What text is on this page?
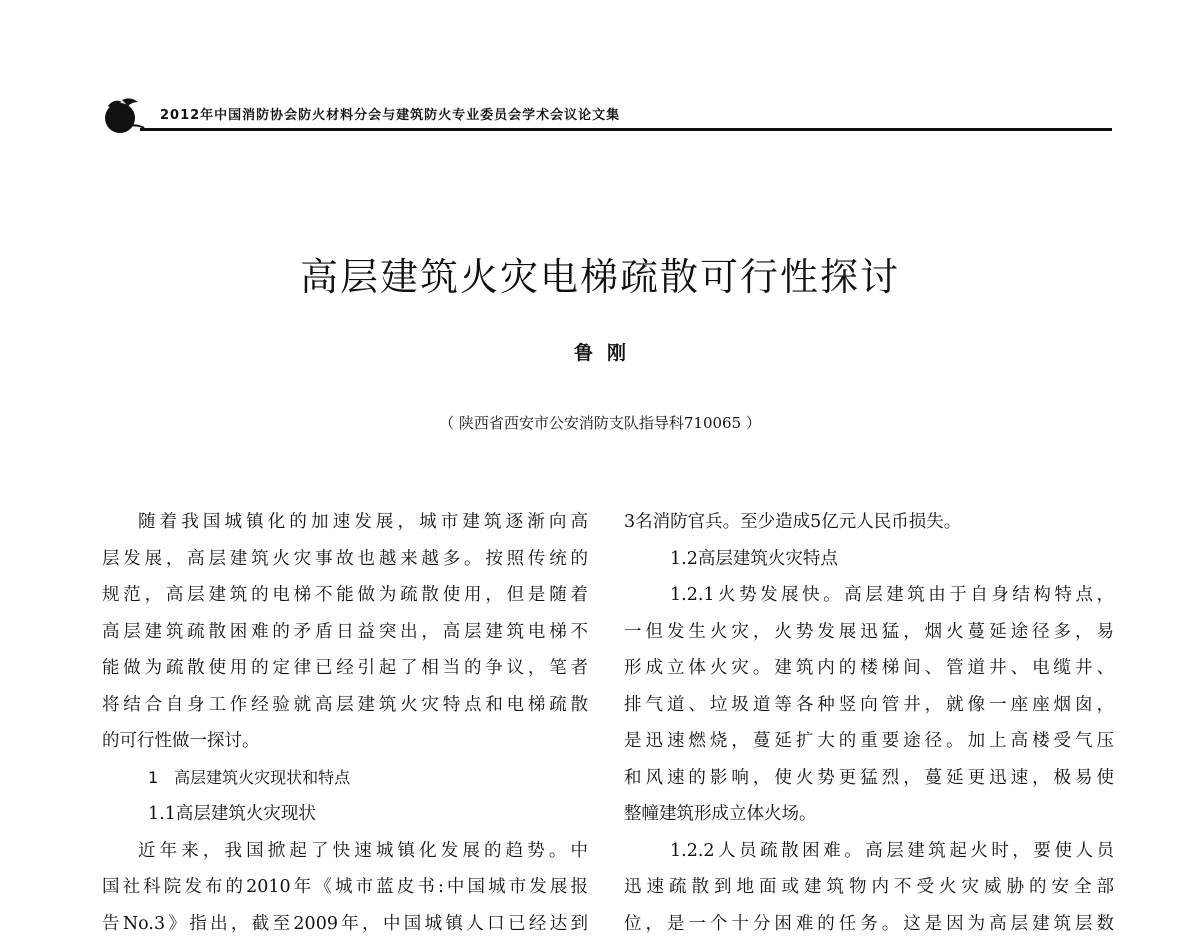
2012年中国消防协会防火材料分会与建筑防火专业委员会学术会议论文集
高层建筑火灾电梯疏散可行性探讨
鲁刚
（ 陕西省西安市公安消防支队指导科710065 ）
随着我国城镇化的加速发展，城市建筑逐渐向高
层发展，高层建筑火灾事故也越来越多。按照传统的
规范，高层建筑的电梯不能做为疏散使用，但是随着
高层建筑疏散困难的矛盾日益突出，高层建筑电梯不
能做为疏散使用的定律已经引起了相当的争议，笔者
将结合自身工作经验就高层建筑火灾特点和电梯疏散
的可行性做一探讨。
1　高层建筑火灾现状和特点
1.1高层建筑火灾现状
近年来，我国掀起了快速城镇化发展的趋势。中
国社科院发布的2010年《城市蓝皮书:中国城市发展报
告No.3》指出，截至2009年，中国城镇人口已经达到
3名消防官兵。至少造成5亿元人民币损失。
1.2高层建筑火灾特点
1.2.1火势发展快。高层建筑由于自身结构特点，
一但发生火灾，火势发展迅猛，烟火蔓延途径多，易
形成立体火灾。建筑内的楼梯间、管道井、电缆井、
排气道、垃圾道等各种竖向管井，就像一座座烟囱，
是迅速燃烧，蔓延扩大的重要途径。加上高楼受气压
和风速的影响，使火势更猛烈，蔓延更迅速，极易使
整幢建筑形成立体火场。
1.2.2人员疏散困难。高层建筑起火时，要使人员
迅速疏散到地面或建筑物内不受火灾威胁的安全部
位，是一个十分困难的任务。这是因为高层建筑层数
